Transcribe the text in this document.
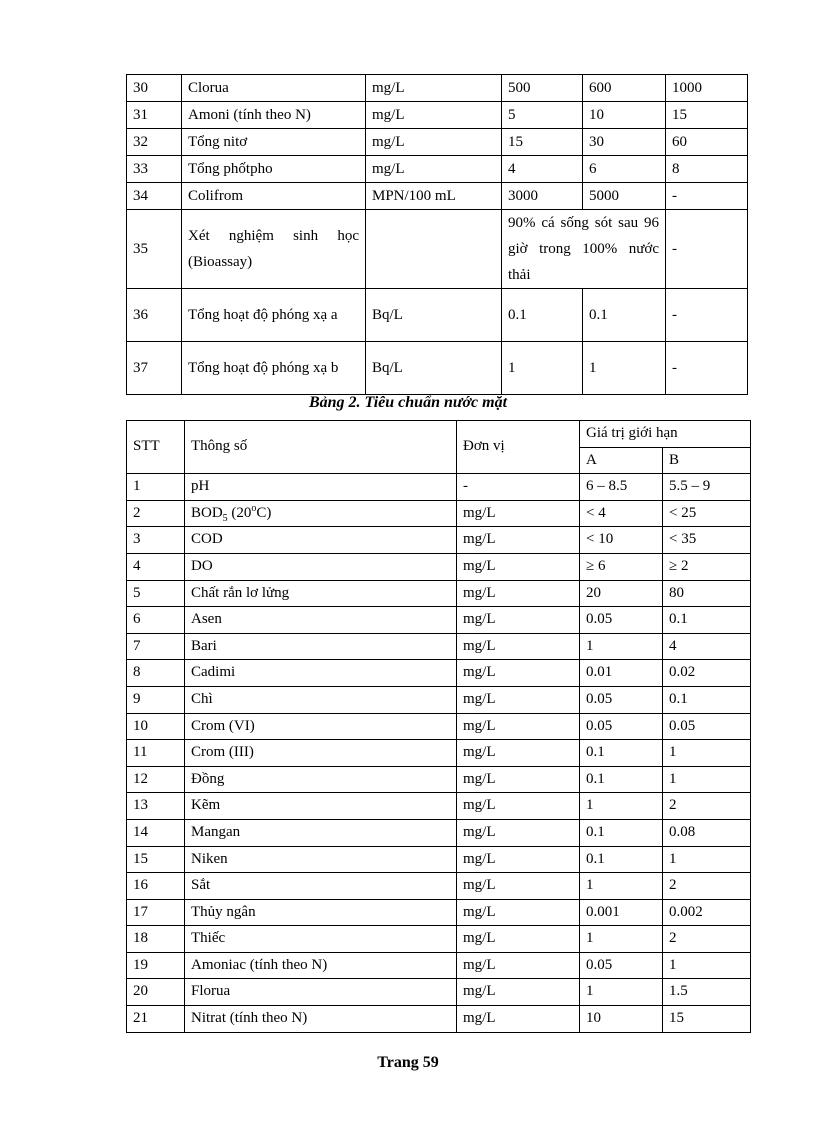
30	Clorua	mg/L	500	600	1000
31	Amoni (tính theo N)	mg/L	5	10	15
32	Tổng nitơ	mg/L	15	30	60
33	Tổng phốtpho	mg/L	4	6	8
34	Colifrom	MPN/100 mL	3000	5000	-
35	Xét nghiệm sinh học (Bioassay)		90% cá sống sót sau 96 giờ trong 100% nước thải		-
36	Tổng hoạt độ phóng xạ a	Bq/L	0.1	0.1	-
37	Tổng hoạt độ phóng xạ b	Bq/L	1	1	-
Bảng 2. Tiêu chuẩn nước mặt
STT	Thông số	Đơn vị	Giá trị giới hạn	
			A	B
1	pH	-	6 – 8.5	5.5 – 9
2	$BOD_5$ (20$^o$C)	mg/L	< 4	< 25
3	COD	mg/L	< 10	< 35
4	DO	mg/L	≥ 6	≥ 2
5	Chất rắn lơ lửng	mg/L	20	80
6	Asen	mg/L	0.05	0.1
7	Bari	mg/L	1	4
8	Cadimi	mg/L	0.01	0.02
9	Chì	mg/L	0.05	0.1
10	Crom (VI)	mg/L	0.05	0.05
11	Crom (III)	mg/L	0.1	1
12	Đồng	mg/L	0.1	1
13	Kẽm	mg/L	1	2
14	Mangan	mg/L	0.1	0.08
15	Niken	mg/L	0.1	1
16	Sắt	mg/L	1	2
17	Thủy ngân	mg/L	0.001	0.002
18	Thiếc	mg/L	1	2
19	Amoniac (tính theo N)	mg/L	0.05	1
20	Florua	mg/L	1	1.5
21	Nitrat (tính theo N)	mg/L	10	15
Trang 59
